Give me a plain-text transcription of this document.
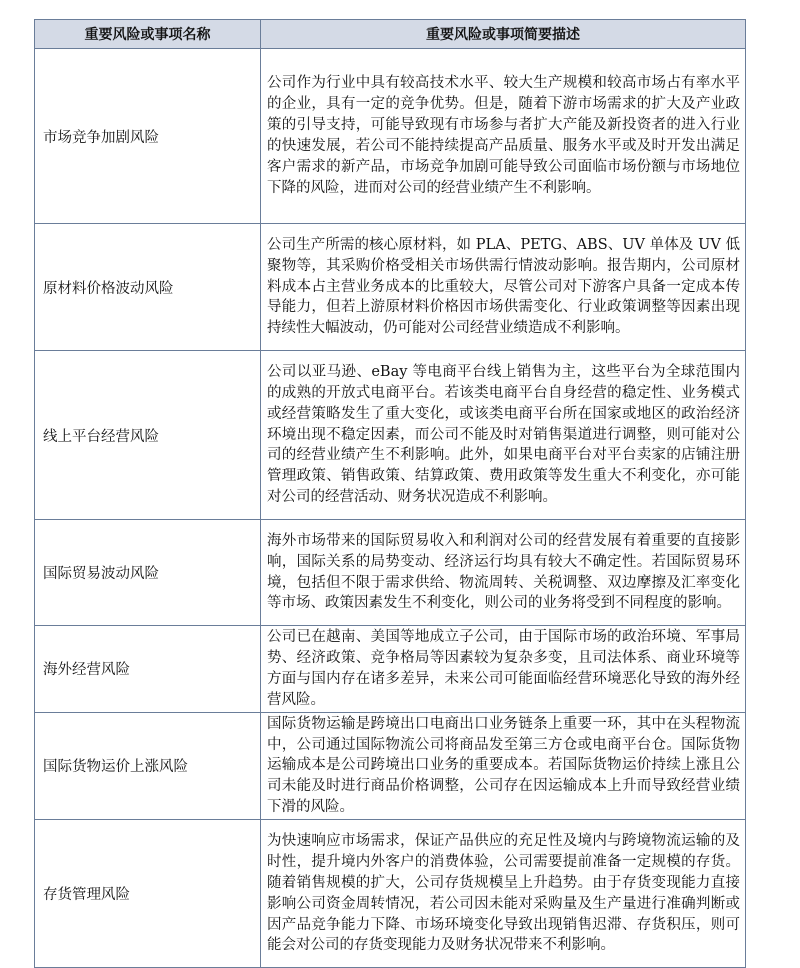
重要风险或事项名称	重要风险或事项简要描述
市场竞争加剧风险	公司作为行业中具有较高技术水平、较大生产规模和较高市场占有率水平的企业，具有一定的竞争优势。但是，随着下游市场需求的扩大及产业政策的引导支持，可能导致现有市场参与者扩大产能及新投资者的进入行业的快速发展，若公司不能持续提高产品质量、服务水平或及时开发出满足客户需求的新产品，市场竞争加剧可能导致公司面临市场份额与市场地位下降的风险，进而对公司的经营业绩产生不利影响。
原材料价格波动风险	公司生产所需的核心原材料，如 PLA、PETG、ABS、UV 单体及 UV 低聚物等，其采购价格受相关市场供需行情波动影响。报告期内，公司原材料成本占主营业务成本的比重较大，尽管公司对下游客户具备一定成本传导能力，但若上游原材料价格因市场供需变化、行业政策调整等因素出现持续性大幅波动，仍可能对公司经营业绩造成不利影响。
线上平台经营风险	公司以亚马逊、eBay 等电商平台线上销售为主，这些平台为全球范围内的成熟的开放式电商平台。若该类电商平台自身经营的稳定性、业务模式或经营策略发生了重大变化，或该类电商平台所在国家或地区的政治经济环境出现不稳定因素，而公司不能及时对销售渠道进行调整，则可能对公司的经营业绩产生不利影响。此外，如果电商平台对平台卖家的店铺注册管理政策、销售政策、结算政策、费用政策等发生重大不利变化，亦可能对公司的经营活动、财务状况造成不利影响。
国际贸易波动风险	海外市场带来的国际贸易收入和利润对公司的经营发展有着重要的直接影响，国际关系的局势变动、经济运行均具有较大不确定性。若国际贸易环境，包括但不限于需求供给、物流周转、关税调整、双边摩擦及汇率变化等市场、政策因素发生不利变化，则公司的业务将受到不同程度的影响。
海外经营风险	公司已在越南、美国等地成立子公司，由于国际市场的政治环境、军事局势、经济政策、竞争格局等因素较为复杂多变，且司法体系、商业环境等方面与国内存在诸多差异，未来公司可能面临经营环境恶化导致的海外经营风险。
国际货物运价上涨风险	国际货物运输是跨境出口电商出口业务链条上重要一环，其中在头程物流中，公司通过国际物流公司将商品发至第三方仓或电商平台仓。国际货物运输成本是公司跨境出口业务的重要成本。若国际货物运价持续上涨且公司未能及时进行商品价格调整，公司存在因运输成本上升而导致经营业绩下滑的风险。
存货管理风险	为快速响应市场需求，保证产品供应的充足性及境内与跨境物流运输的及时性，提升境内外客户的消费体验，公司需要提前准备一定规模的存货。随着销售规模的扩大，公司存货规模呈上升趋势。由于存货变现能力直接影响公司资金周转情况，若公司因未能对采购量及生产量进行准确判断或因产品竞争能力下降、市场环境变化导致出现销售迟滞、存货积压，则可能会对公司的存货变现能力及财务状况带来不利影响。
